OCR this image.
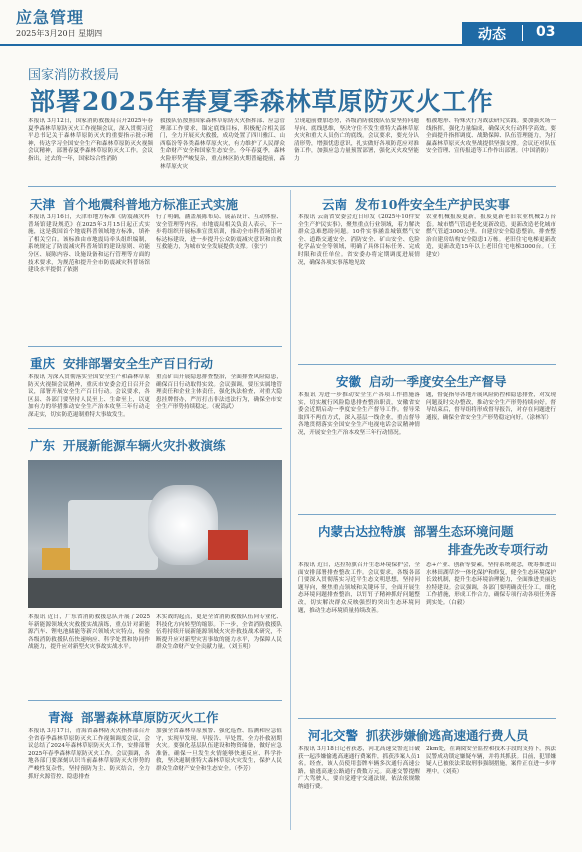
应急管理
2025年3月20日 星期四	动态 03
国家消防救援局
部署2025年春夏季森林草原防灭火工作
本报讯 3月12日，国家消防救援局召开2025年春夏季森林草原防灭火工作视频会议，深入贯彻习近平总书记关于森林草原防灭火的重要指示批示精神，传达学习全国安全生产和森林草原防灭火视频会议精神，部署春夏季森林草原防灭火工作。会议指出，过去的一年，国家综合性消防
救援队伍按照国家森林草原防灭火指挥部、应急管理部工作要求，锚定底线目标，积极配合相关部门，全力开展灭火救援，成功处置了四川雅江、山西临汾等各类森林草原火灾，有力维护了人民群众生命财产安全和国家生态安全。今年春夏季，森林火险形势严峻复杂，重点林区防火期普遍提前，森林草原火灾
呈现超前叠加态势，各级消防救援队伍要坚持问题导向、底线思维，坚决守住不发生重特大森林草原火灾和重大人员伤亡的底线。会议要求，要充分认清形势，增强忧患意识，扎实做好各项防范应对准备工作，加强应急力量预置部署，强化灭火攻坚能力
植被地形、特殊火行为战法研究实践。要加强火场一线指挥，强化力量编成，确保灭火行动科学高效。要全面提升指挥调度、战勤保障、队伍管理能力，为打赢森林草原灭火攻坚战提供坚强支撑。会议还对队伍安全管理、宣传报道等工作作出部署。（中国消防）
天津 首个地震科普地方标准正式实施
本报讯 3月16日，天津市地方标准《防震减灾科普场馆建设规范》在2025年3月15日起正式实施，这是我国首个地震科普领域地方标准，填补了相关空白。该标准由市地震局牵头组织编制，系统规定了防震减灾科普场馆的建设原则、功能分区、展陈内容、设施设备和运行管理等方面的技术要求，为规范和提升全市防震减灾科普场馆建设水平提供了依据
行了明确，涵盖展陈布局、展品设计、互动体验、安全管理等内容。市地震局相关负责人表示，下一步将组织开展标准宣贯培训，推动全市科普场馆对标达标建设，进一步提升公众防震减灾意识和自救互救能力，为城市安全发展提供支撑。（张宁）
云南 发布10件安全生产护民实事
本报讯 云南省安委会近日印发《2025年10件安全生产护民实事》，聚焦重点行业领域，着力解决群众急难愁盼问题。10件实事涵盖城镇燃气安全、道路交通安全、消防安全、矿山安全、危险化学品安全等领域，明确了具体目标任务、完成时限和责任单位。省安委办将定期调度进展情况，确保各项实事落地见效
农业机械报废更新，报废更新老旧农业机械2万台套。城市燃气管道老化更新改造，更新改造老化城市燃气管道3000公里。自建房安全隐患整治，排查整治自建房结构安全隐患1万栋。老旧住宅电梯更新改造，更新改造15年以上老旧住宅电梯3000台。（王建安）
重庆 安排部署安全生产百日行动
本报讯 为深入贯彻落实全国安全生产和森林草原防灭火视频会议精神，重庆市安委会近日召开会议，部署开展安全生产百日行动。会议要求，各区县、各部门要坚持人民至上、生命至上，以更加有力的举措推动安全生产治本攻坚三年行动走深走实，切实防范遏制重特大事故发生。
重点矿山开展隐患排查整治，全面排查风险隐患，确保百日行动取得实效。会议强调，要压实属地管理责任和企业主体责任，强化执法检查，对重大隐患挂牌督办，严厉打击非法违法行为，确保全市安全生产形势持续稳定。（祝嵩武）
安徽 启动一季度安全生产督导
本报讯 为进一步推动安全生产各项工作措施落实，切实履行风险隐患排查整治职责，安徽省安委会近期启动一季度安全生产督导工作。督导采取四不两直方式，深入基层一线企业，重点督导各地贯彻落实全国安全生产电视电话会议精神情况，开展安全生产治本攻坚三年行动情况。
题，督促指导各地开展风险防控和隐患排查，对发现问题及时交办整改，推动安全生产形势持续向好。督导结束后，督导组将形成督导报告，对存在问题进行通报，确保全省安全生产形势稳定向好。（涂林军）
广东 开展新能源车辆火灾扑救演练
本报讯 近日，广东省消防救援总队开展了2025年新能源领域火灾救援实战演练，重点针对新能源汽车、锂电池储能等新兴领域火灾特点，检验各级消防救援队伍快速响应、科学处置和协同作战能力，提升应对新型火灾事故实战水平。
术实战的起点，更是全省消防救援队伍向专业化、科技化方向转型的缩影。下一步，全省消防救援队伍将持续开展新能源领域火灾扑救技战术研究，不断提升应对新型灾害事故的能力水平，为保障人民群众生命财产安全贡献力量。（刘玉明）
内蒙古达拉特旗 部署生态环境问题
排查先改专项行动
本报讯 近日，达拉特旗召开生态环境保护会，全面安排部署排查整改工作。会议要求，各级各部门要深入贯彻落实习近平生态文明思想，坚持问题导向，聚焦重点领域和关键环节，全面开展生态环境问题排查整治，以钉钉子精神抓好问题整改，切实解决群众反映强烈的突出生态环境问题，推动生态环境质量持续改善。
态+产业、创新等要素，坚持系统观念，统筹推进山水林田湖草沙一体化保护和修复，健全生态环境保护长效机制，提升生态环境治理能力，全面推进美丽达拉特建设。会议强调，各部门要明确责任分工，细化工作措施，形成工作合力，确保专项行动各项任务落到实处。（白毅）
青海 部署森林草原防灭火工作
本报讯 3月17日，青海省森林防灭火指挥部召开全省春季森林草原防灭火工作视频调度会议，会议总结了2024年森林草原防灭火工作，安排部署2025年春季森林草原防灭火工作。会议强调，各地各部门要深刻认识当前森林草原防灭火形势的严峻性复杂性，坚持预防为主、防灭结合，全力抓好火源管控、隐患排查
加强全省森林草原预警、强化巡查、监测和应急值守，实现早发现、早报告、早处置，全力扑救初期火灾。要强化基层队伍建设和物资储备，做好应急准备，确保一旦发生火情能够快速反应、科学扑救，坚决遏制重特大森林草原火灾发生，保护人民群众生命财产安全和生态安全。（李芳）
河北交警 抓获涉嫌偷逃高速通行费人员
本报讯 3月18日记者获悉，河北高速交警近日破获一起涉嫌偷逃高速通行费案件，抓获涉案人员1名。经查，该人员使用套牌车辆多次通行高速公路，偷逃高速公路通行费数万元。高速交警提醒广大驾驶人，要自觉遵守交通法规，依法依规缴纳通行费。
2km处，在调阅安全监控和技术手段的支持下，执法民警成功锁定嫌疑车辆，并将其抓获。目前，犯罪嫌疑人已被依法采取刑事强制措施，案件正在进一步审理中。（刘英）
